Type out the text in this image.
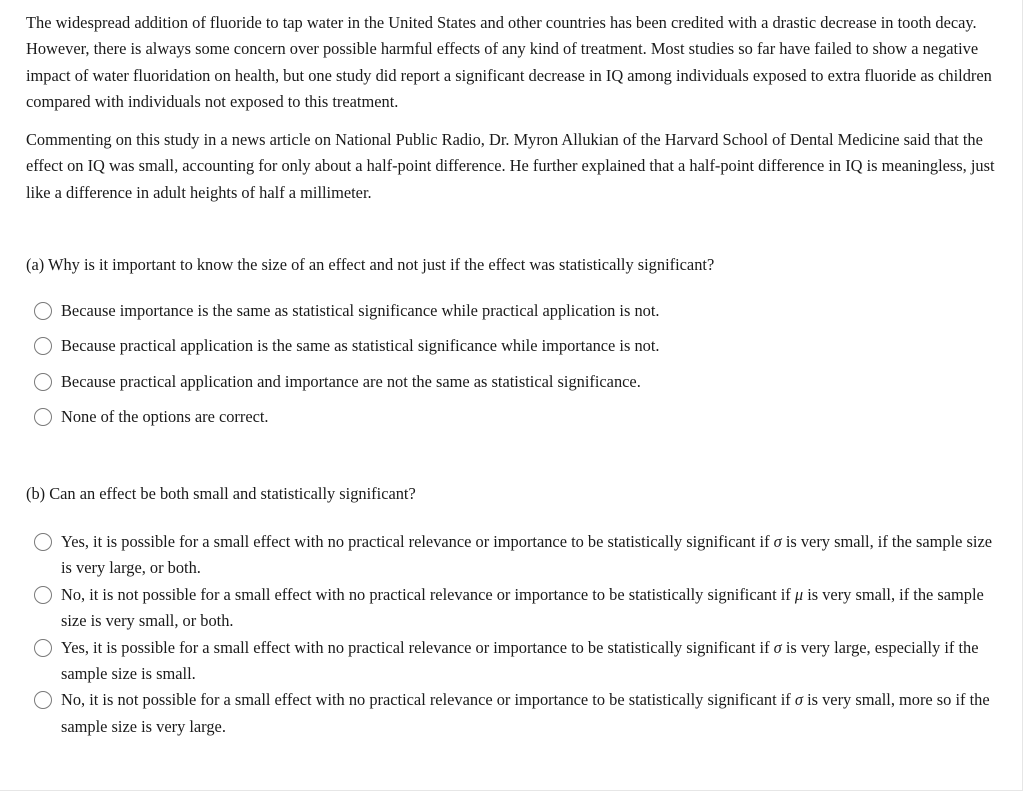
The widespread addition of fluoride to tap water in the United States and other countries has been credited with a drastic decrease in tooth decay. However, there is always some concern over possible harmful effects of any kind of treatment. Most studies so far have failed to show a negative impact of water fluoridation on health, but one study did report a significant decrease in IQ among individuals exposed to extra fluoride as children compared with individuals not exposed to this treatment.

Commenting on this study in a news article on National Public Radio, Dr. Myron Allukian of the Harvard School of Dental Medicine said that the effect on IQ was small, accounting for only about a half-point difference. He further explained that a half-point difference in IQ is meaningless, just like a difference in adult heights of half a millimeter.

(a) Why is it important to know the size of an effect and not just if the effect was statistically significant?

Because importance is the same as statistical significance while practical application is not.
Because practical application is the same as statistical significance while importance is not.
Because practical application and importance are not the same as statistical significance.
None of the options are correct.

(b) Can an effect be both small and statistically significant?

Yes, it is possible for a small effect with no practical relevance or importance to be statistically significant if σ is very small, if the sample size is very large, or both.
No, it is not possible for a small effect with no practical relevance or importance to be statistically significant if μ is very small, if the sample size is very small, or both.
Yes, it is possible for a small effect with no practical relevance or importance to be statistically significant if σ is very large, especially if the sample size is small.
No, it is not possible for a small effect with no practical relevance or importance to be statistically significant if σ is very small, more so if the sample size is very large.
